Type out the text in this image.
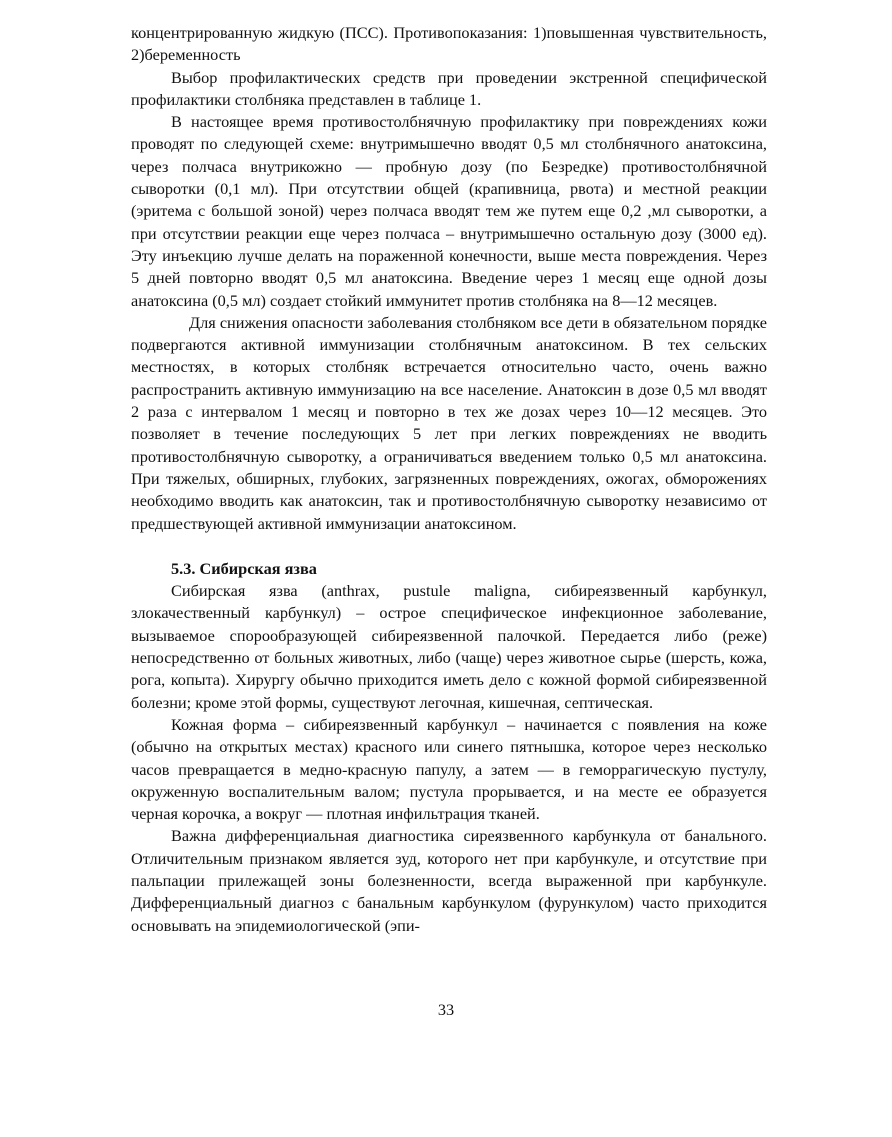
концентрированную жидкую (ПСС). Противопоказания: 1)повышенная чувствительность, 2)беременность

Выбор профилактических средств при проведении экстренной специфической профилактики столбняка представлен в таблице 1.

В настоящее время противостолбнячную профилактику при повреждениях кожи проводят по следующей схеме: внутримышечно вводят 0,5 мл столбнячного анатоксина, через полчаса внутрикожно — пробную дозу (по Безредке) противостолбнячной сыворотки (0,1 мл). При отсутствии общей (крапивница, рвота) и местной реакции (эритема с большой зоной) через полчаса вводят тем же путем еще 0,2 ,мл сыворотки, а при отсутствии реакции еще через полчаса – внутримышечно остальную дозу (3000 ед). Эту инъекцию лучше делать на пораженной конечности, выше места повреждения. Через 5 дней повторно вводят 0,5 мл анатоксина. Введение через 1 месяц еще одной дозы анатоксина (0,5 мл) создает стойкий иммунитет против столбняка на 8—12 месяцев.

Для снижения опасности заболевания столбняком все дети в обязательном порядке подвергаются активной иммунизации столбнячным анатоксином. В тех сельских местностях, в которых столбняк встречается относительно часто, очень важно распространить активную иммунизацию на все население. Анатоксин в дозе 0,5 мл вводят 2 раза с интервалом 1 месяц и повторно в тех же дозах через 10—12 месяцев. Это позволяет в течение последующих 5 лет при легких повреждениях не вводить противостолбнячную сыворотку, а ограничиваться введением только 0,5 мл анатоксина. При тяжелых, обширных, глубоких, загрязненных повреждениях, ожогах, обморожениях необходимо вводить как анатоксин, так и противостолбнячную сыворотку независимо от предшествующей активной иммунизации анатоксином.

5.3. Сибирская язва

Сибирская язва (anthrax, pustule maligna, сибиреязвенный карбункул, злокачественный карбункул) – острое специфическое инфекционное заболевание, вызываемое спорообразующей сибиреязвенной палочкой. Передается либо (реже) непосредственно от больных животных, либо (чаще) через животное сырье (шерсть, кожа, рога, копыта). Хирургу обычно приходится иметь дело с кожной формой сибиреязвенной болезни; кроме этой формы, существуют легочная, кишечная, септическая.

Кожная форма – сибиреязвенный карбункул – начинается с появления на коже (обычно на открытых местах) красного или синего пятнышка, которое через несколько часов превращается в медно-красную папулу, а затем — в геморрагическую пустулу, окруженную воспалительным валом; пустула прорывается, и на месте ее образуется черная корочка, а вокруг — плотная инфильтрация тканей.

Важна дифференциальная диагностика сиреязвенного карбункула от банального. Отличительным признаком является зуд, которого нет при карбункуле, и отсутствие при пальпации прилежащей зоны болезненности, всегда выраженной при карбункуле. Дифференциальный диагноз с банальным карбункулом (фурункулом) часто приходится основывать на эпидемиологической (эпи-

33
